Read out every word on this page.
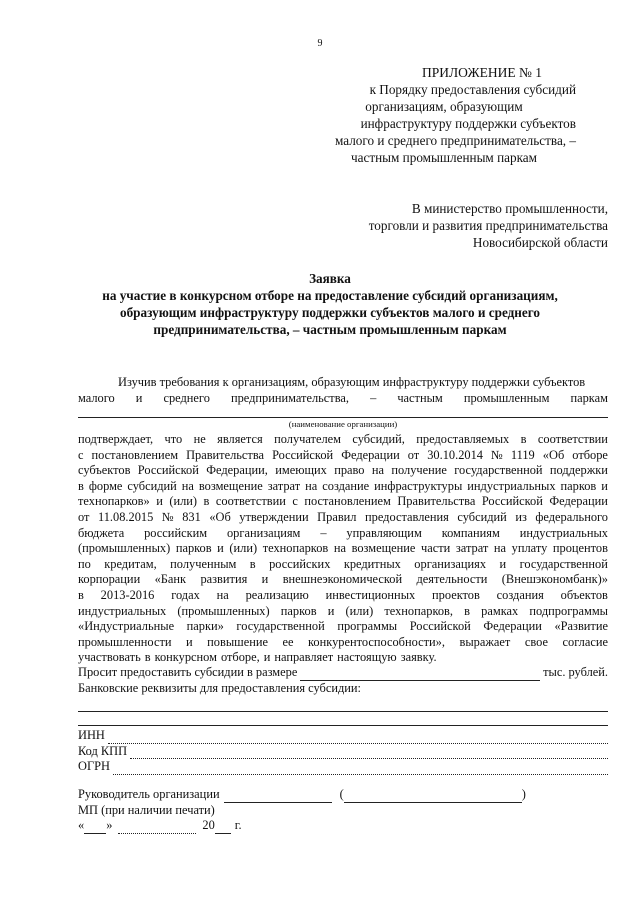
9
ПРИЛОЖЕНИЕ № 1
к Порядку предоставления субсидий
организациям, образующим
инфраструктуру поддержки субъектов
малого и среднего предпринимательства, –
частным промышленным паркам
В министерство промышленности,
торговли и развития предпринимательства
Новосибирской области
Заявка
на участие в конкурсном отборе на предоставление субсидий организациям,
образующим инфраструктуру поддержки субъектов малого и среднего
предпринимательства, – частным промышленным паркам
Изучив требования к организациям, образующим инфраструктуру поддержки субъектов
малого и среднего предпринимательства, – частным промышленным паркам
(наименование организации)
подтверждает, что не является получателем субсидий, предоставляемых в соответствии
с постановлением Правительства Российской Федерации от 30.10.2014 № 1119 «Об отборе
субъектов Российской Федерации, имеющих право на получение государственной поддержки
в форме субсидий на возмещение затрат на создание инфраструктуры индустриальных парков и
технопарков» и (или) в соответствии с постановлением Правительства Российской Федерации
от 11.08.2015 № 831 «Об утверждении Правил предоставления субсидий из федерального
бюджета российским организациям – управляющим компаниям индустриальных
(промышленных) парков и (или) технопарков на возмещение части затрат на уплату процентов
по кредитам, полученным в российских кредитных организациях и государственной
корпорации «Банк развития и внешнеэкономической деятельности (Внешэкономбанк)»
в 2013-2016 годах на реализацию инвестиционных проектов создания объектов
индустриальных (промышленных) парков и (или) технопарков, в рамках подпрограммы
«Индустриальные парки» государственной программы Российской Федерации «Развитие
промышленности и повышение ее конкурентоспособности», выражает свое согласие
участвовать в конкурсном отборе, и направляет настоящую заявку.
Просит предоставить субсидии в размере	тыс. рублей.
Банковские реквизиты для предоставления субсидии:
ИНН
Код КПП
ОГРН
Руководитель организации	(	)
МП (при наличии печати)
« »	20 г.
